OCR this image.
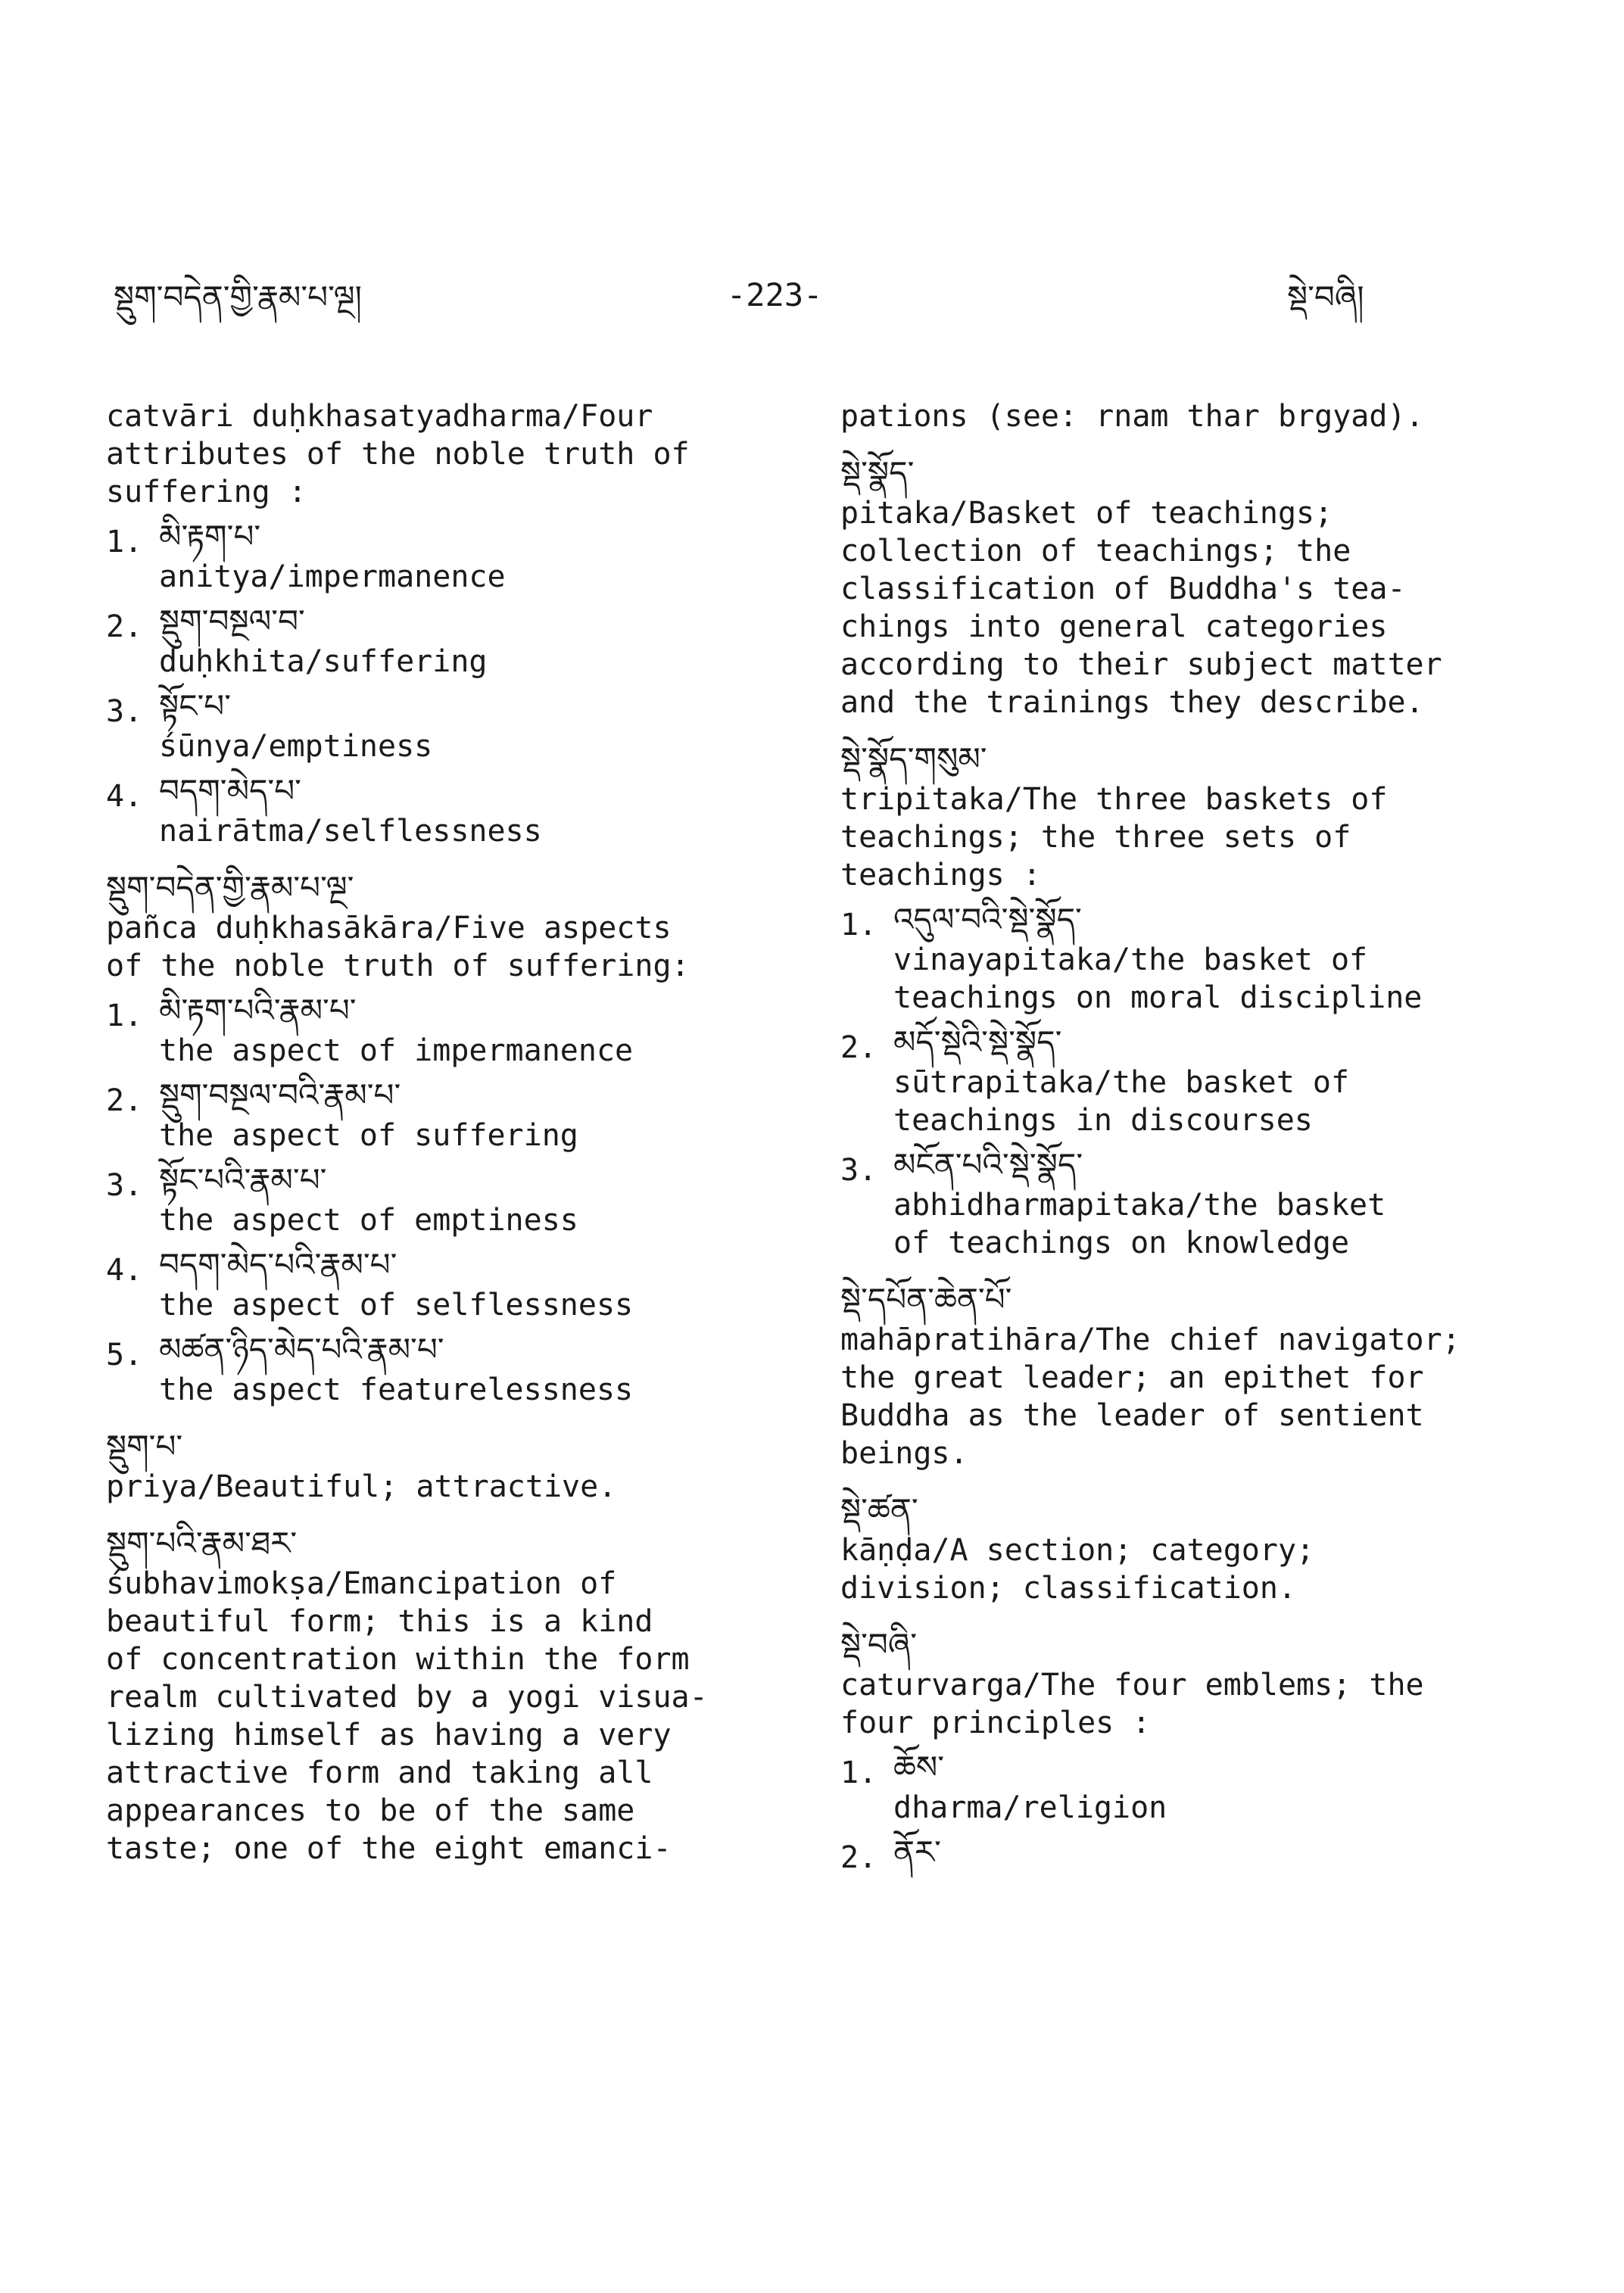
སྡུག་བདེན་གྱི་རྣམ་པ་ལྔ།	-223-	སྡེ་བཞི།
catvāri duḥkhasatyadharma/Four
attributes of the noble truth of
suffering :
1. མི་རྟག་པ་
anitya/impermanence
2. སྡུག་བསྔལ་བ་
duḥkhita/suffering
3. སྟོང་པ་
śūnya/emptiness
4. བདག་མེད་པ་
nairātma/selflessness
སྡུག་བདེན་གྱི་རྣམ་པ་ལྔ་
pañca duḥkhasākāra/Five aspects
of the noble truth of suffering:
1. མི་རྟག་པའི་རྣམ་པ་
the aspect of impermanence
2. སྡུག་བསྔལ་བའི་རྣམ་པ་
the aspect of suffering
3. སྟོང་པའི་རྣམ་པ་
the aspect of emptiness
4. བདག་མེད་པའི་རྣམ་པ་
the aspect of selflessness
5. མཚན་ཉིད་མེད་པའི་རྣམ་པ་
the aspect featurelessness
སྡུག་པ་
priya/Beautiful; attractive.
སྡུག་པའི་རྣམ་ཐར་
śubhavimokṣa/Emancipation of
beautiful form; this is a kind
of concentration within the form
realm cultivated by a yogi visua-
lizing himself as having a very
attractive form and taking all
appearances to be of the same
taste; one of the eight emanci-
pations (see: rnam thar brgyad).
སྡེ་སྣོད་
pitaka/Basket of teachings;
collection of teachings; the
classification of Buddha's tea-
chings into general categories
according to their subject matter
and the trainings they describe.
སྡེ་སྣོད་གསུམ་
tripitaka/The three baskets of
teachings; the three sets of
teachings :
1. འདུལ་བའི་སྡེ་སྣོད་
vinayapitaka/the basket of
teachings on moral discipline
2. མདོ་སྡེའི་སྡེ་སྣོད་
sūtrapitaka/the basket of
teachings in discourses
3. མངོན་པའི་སྡེ་སྣོད་
abhidharmapitaka/the basket
of teachings on knowledge
སྡེ་དཔོན་ཆེན་པོ་
mahāpratihāra/The chief navigator;
the great leader; an epithet for
Buddha as the leader of sentient
beings.
སྡེ་ཚན་
kāṇḍa/A section; category;
division; classification.
སྡེ་བཞི་
caturvarga/The four emblems; the
four principles :
1. ཆོས་
dharma/religion
2. ནོར་
